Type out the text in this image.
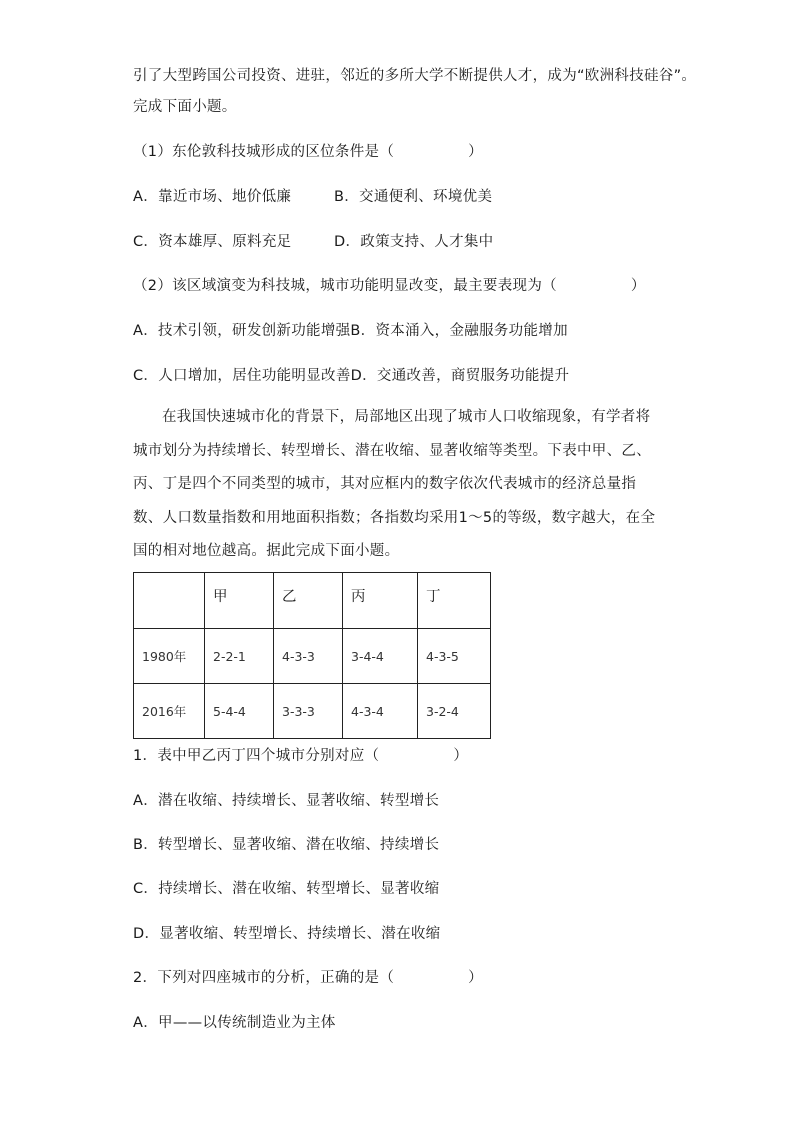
引了大型跨国公司投资、进驻，邻近的多所大学不断提供人才，成为“欧洲科技硅谷”。
完成下面小题。
（1）东伦敦科技城形成的区位条件是（　　　　　）
A．靠近市场、地价低廉	B．交通便利、环境优美
C．资本雄厚、原料充足	D．政策支持、人才集中
（2）该区域演变为科技城，城市功能明显改变，最主要表现为（　　　　　）
A．技术引领，研发创新功能增强B．资本涌入，金融服务功能增加
C．人口增加，居住功能明显改善D．交通改善，商贸服务功能提升
在我国快速城市化的背景下，局部地区出现了城市人口收缩现象，有学者将城市划分为持续增长、转型增长、潜在收缩、显著收缩等类型。下表中甲、乙、丙、丁是四个不同类型的城市，其对应框内的数字依次代表城市的经济总量指数、人口数量指数和用地面积指数；各指数均采用1～5的等级，数字越大，在全国的相对地位越高。据此完成下面小题。
	甲	乙	丙	丁
1980年	2-2-1	4-3-3	3-4-4	4-3-5
2016年	5-4-4	3-3-3	4-3-4	3-2-4
1．表中甲乙丙丁四个城市分别对应（　　　　　）
A．潜在收缩、持续增长、显著收缩、转型增长
B．转型增长、显著收缩、潜在收缩、持续增长
C．持续增长、潜在收缩、转型增长、显著收缩
D．显著收缩、转型增长、持续增长、潜在收缩
2．下列对四座城市的分析，正确的是（　　　　　）
A．甲——以传统制造业为主体
